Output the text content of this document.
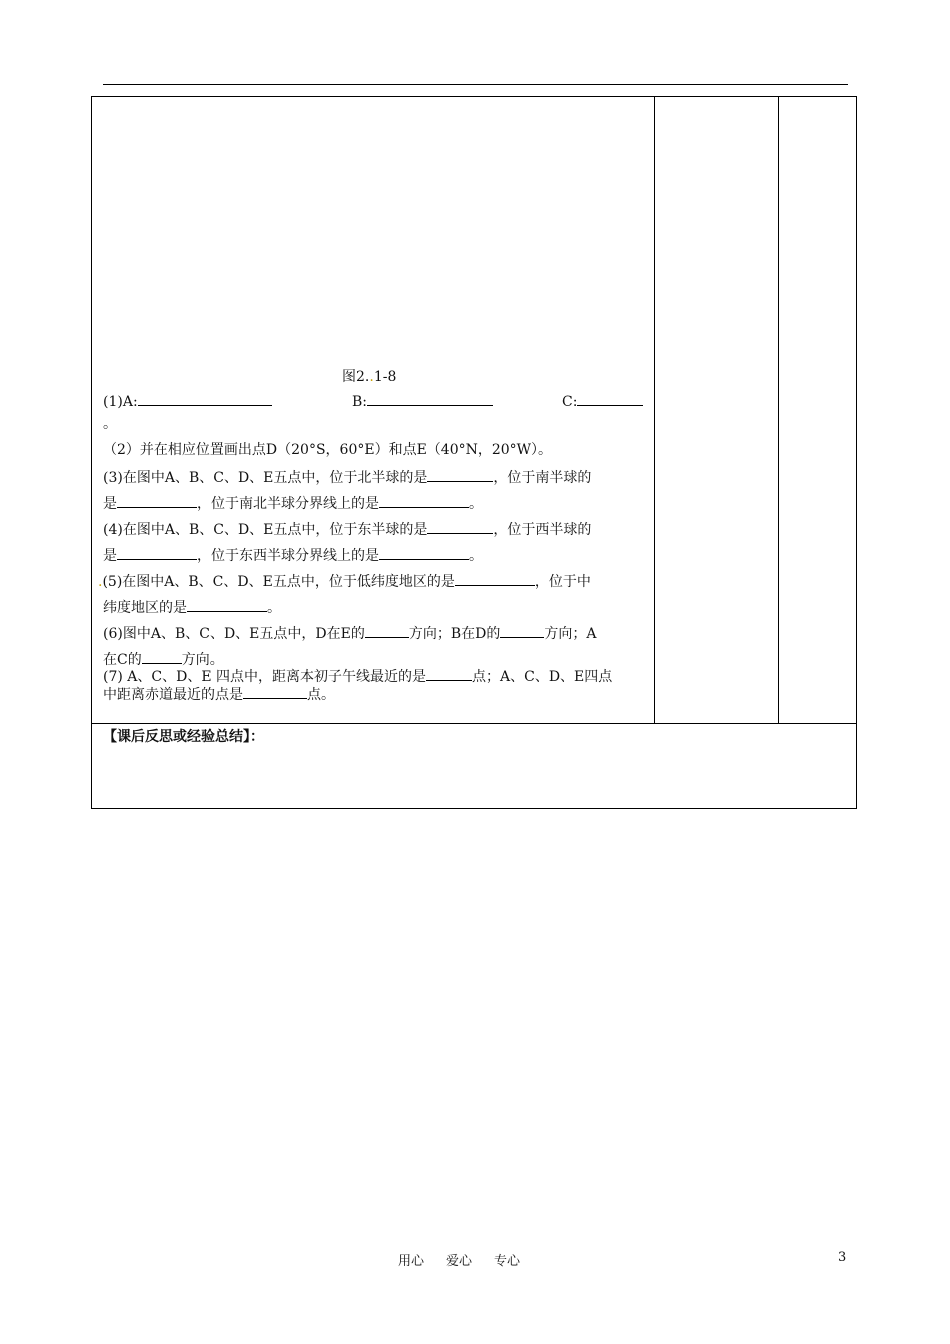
图2..1-8
(1)A:	B:	C:
。
（2）并在相应位置画出点D（20°S，60°E）和点E（40°N，20°W）。
(3)在图中A、B、C、D、E五点中，位于北半球的是	，位于南半球的
是	，位于南北半球分界线上的是	。
(4)在图中A、B、C、D、E五点中，位于东半球的是	，位于西半球的
是	，位于东西半球分界线上的是	。
.(5)在图中A、B、C、D、E五点中，位于低纬度地区的是	，位于中
纬度地区的是	。
(6)图中A、B、C、D、E五点中，D在E的	方向；B在D的	方向；A
在C的	方向。
(7) A、C、D、E 四点中，距离本初子午线最近的是	点；A、C、D、E四点
中距离赤道最近的点是	点。
【课后反思或经验总结】：
用心 爱心 专心	3
